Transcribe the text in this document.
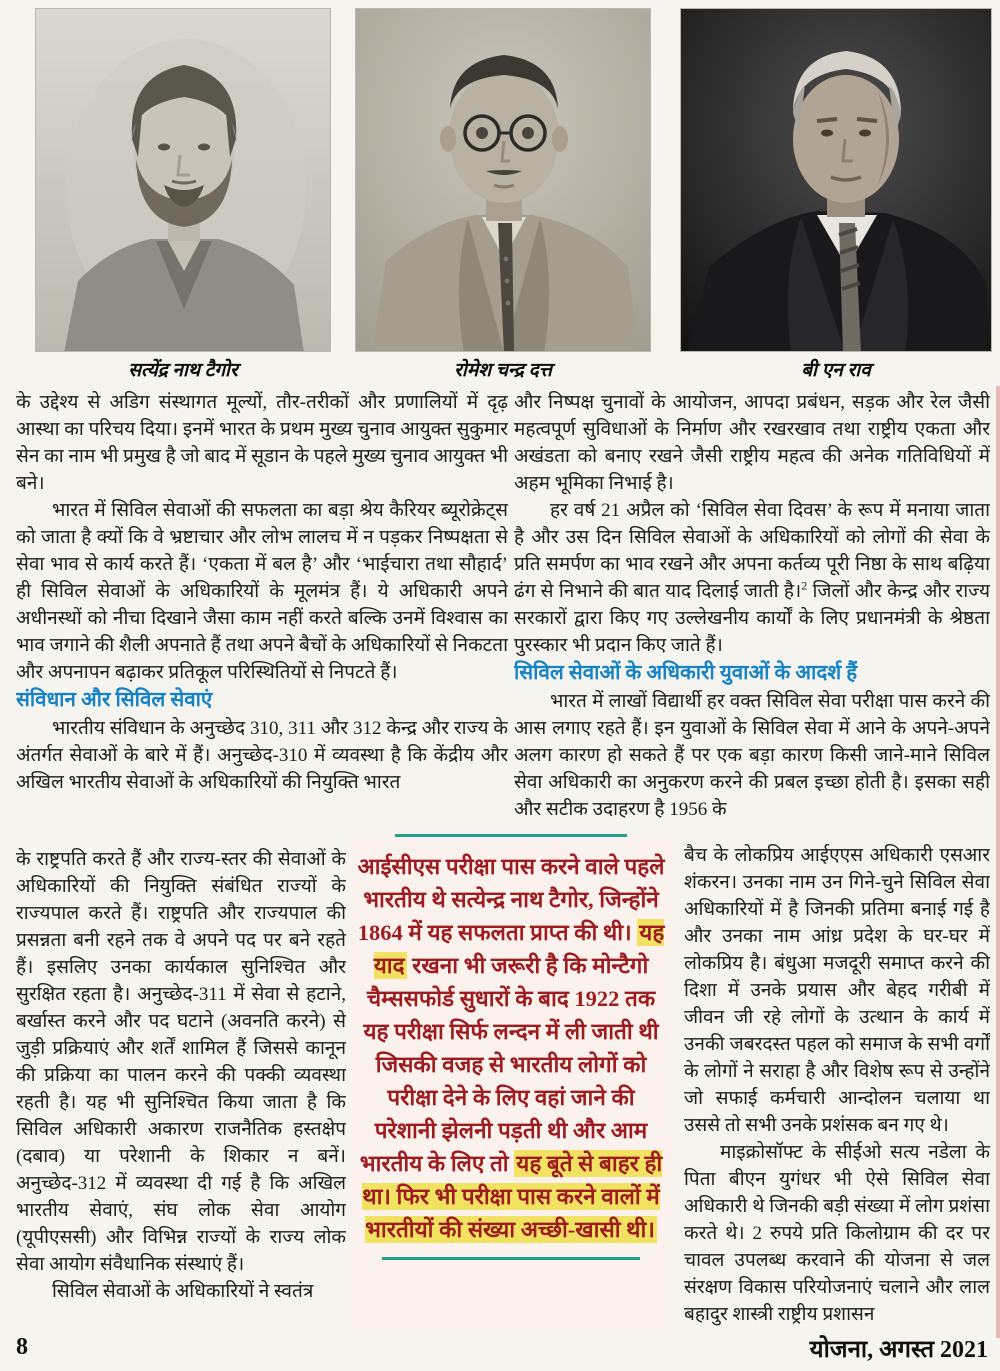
सत्येंद्र नाथ टैगोर	रोमेश चन्द्र दत्त	बी एन राव

के उद्देश्य से अडिग संस्थागत मूल्यों, तौर-तरीकों और प्रणालियों में दृढ़ आस्था का परिचय दिया। इनमें भारत के प्रथम मुख्य चुनाव आयुक्त सुकुमार सेन का नाम भी प्रमुख है जो बाद में सूडान के पहले मुख्य चुनाव आयुक्त भी बने।

भारत में सिविल सेवाओं की सफलता का बड़ा श्रेय कैरियर ब्यूरोक्रेट्स को जाता है क्यों कि वे भ्रष्टाचार और लोभ लालच में न पड़कर निष्पक्षता से सेवा भाव से कार्य करते हैं। ‘एकता में बल है’ और ‘भाईचारा तथा सौहार्द’ ही सिविल सेवाओं के अधिकारियों के मूलमंत्र हैं। ये अधिकारी अपने अधीनस्थों को नीचा दिखाने जैसा काम नहीं करते बल्कि उनमें विश्वास का भाव जगाने की शैली अपनाते हैं तथा अपने बैचों के अधिकारियों से निकटता और अपनापन बढ़ाकर प्रतिकूल परिस्थितियों से निपटते हैं।

संविधान और सिविल सेवाएं

भारतीय संविधान के अनुच्छेद 310, 311 और 312 केन्द्र और राज्य के अंतर्गत सेवाओं के बारे में हैं। अनुच्छेद-310 में व्यवस्था है कि केंद्रीय और अखिल भारतीय सेवाओं के अधिकारियों की नियुक्ति भारत

के राष्ट्रपति करते हैं और राज्य-स्तर की सेवाओं के अधिकारियों की नियुक्ति संबंधित राज्यों के राज्यपाल करते हैं। राष्ट्रपति और राज्यपाल की प्रसन्नता बनी रहने तक वे अपने पद पर बने रहते हैं। इसलिए उनका कार्यकाल सुनिश्चित और सुरक्षित रहता है। अनुच्छेद-311 में सेवा से हटाने, बर्खास्त करने और पद घटाने (अवनति करने) से जुड़ी प्रक्रियाएं और शर्तें शामिल हैं जिससे कानून की प्रक्रिया का पालन करने की पक्की व्यवस्था रहती है। यह भी सुनिश्चित किया जाता है कि सिविल अधिकारी अकारण राजनैतिक हस्तक्षेप (दबाव) या परेशानी के शिकार न बनें। अनुच्छेद-312 में व्यवस्था दी गई है कि अखिल भारतीय सेवाएं, संघ लोक सेवा आयोग (यूपीएससी) और विभिन्न राज्यों के राज्य लोक सेवा आयोग संवैधानिक संस्थाएं हैं।

सिविल सेवाओं के अधिकारियों ने स्वतंत्र

आईसीएस परीक्षा पास करने वाले पहले भारतीय थे सत्येन्द्र नाथ टैगोर, जिन्होंने 1864 में यह सफलता प्राप्त की थी। यह याद रखना भी जरूरी है कि मोन्टैगो चैम्ससफोर्ड सुधारों के बाद 1922 तक यह परीक्षा सिर्फ लन्दन में ली जाती थी जिसकी वजह से भारतीय लोगों को परीक्षा देने के लिए वहां जाने की परेशानी झेलनी पड़ती थी और आम भारतीय के लिए तो यह बूते से बाहर ही था। फिर भी परीक्षा पास करने वालों में भारतीयों की संख्या अच्छी-खासी थी।

और निष्पक्ष चुनावों के आयोजन, आपदा प्रबंधन, सड़क और रेल जैसी महत्वपूर्ण सुविधाओं के निर्माण और रखरखाव तथा राष्ट्रीय एकता और अखंडता को बनाए रखने जैसी राष्ट्रीय महत्व की अनेक गतिविधियों में अहम भूमिका निभाई है।

हर वर्ष 21 अप्रैल को ‘सिविल सेवा दिवस’ के रूप में मनाया जाता है और उस दिन सिविल सेवाओं के अधिकारियों को लोगों की सेवा के प्रति समर्पण का भाव रखने और अपना कर्तव्य पूरी निष्ठा के साथ बढ़िया ढंग से निभाने की बात याद दिलाई जाती है।$^2$ जिलों और केन्द्र और राज्य सरकारों द्वारा किए गए उल्लेखनीय कार्यों के लिए प्रधानमंत्री के श्रेष्ठता पुरस्कार भी प्रदान किए जाते हैं।

सिविल सेवाओं के अधिकारी युवाओं के आदर्श हैं

भारत में लाखों विद्यार्थी हर वक्त सिविल सेवा परीक्षा पास करने की आस लगाए रहते हैं। इन युवाओं के सिविल सेवा में आने के अपने-अपने अलग कारण हो सकते हैं पर एक बड़ा कारण किसी जाने-माने सिविल सेवा अधिकारी का अनुकरण करने की प्रबल इच्छा होती है। इसका सही और सटीक उदाहरण है 1956 के

बैच के लोकप्रिय आईएएस अधिकारी एसआर शंकरन। उनका नाम उन गिने-चुने सिविल सेवा अधिकारियों में है जिनकी प्रतिमा बनाई गई है और उनका नाम आंध्र प्रदेश के घर-घर में लोकप्रिय है। बंधुआ मजदूरी समाप्त करने की दिशा में उनके प्रयास और बेहद गरीबी में जीवन जी रहे लोगों के उत्थान के कार्य में उनकी जबरदस्त पहल को समाज के सभी वर्गों के लोगों ने सराहा है और विशेष रूप से उन्होंने जो सफाई कर्मचारी आन्दोलन चलाया था उससे तो सभी उनके प्रशंसक बन गए थे।

माइक्रोसॉफ्ट के सीईओ सत्य नडेला के पिता बीएन युगंधर भी ऐसे सिविल सेवा अधिकारी थे जिनकी बड़ी संख्या में लोग प्रशंसा करते थे। 2 रुपये प्रति किलोग्राम की दर पर चावल उपलब्ध करवाने की योजना से जल संरक्षण विकास परियोजनाएं चलाने और लाल बहादुर शास्त्री राष्ट्रीय प्रशासन

8	योजना, अगस्त 2021
